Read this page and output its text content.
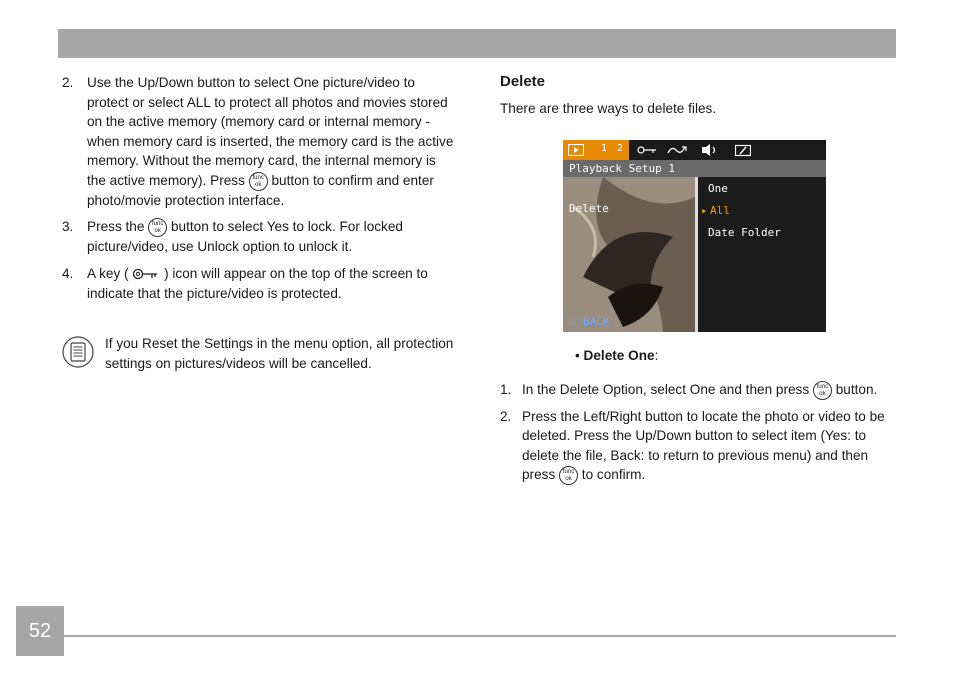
2. Use the Up/Down button to select One picture/video to protect or select ALL to protect all photos and movies stored on the active memory (memory card or internal memory - when memory card is inserted, the memory card is the active memory. Without the memory card, the internal memory is the active memory). Press func
ok button to confirm and enter photo/movie protection interface.
3. Press the func
ok button to select Yes to lock. For locked picture/video, use Unlock option to unlock it.
4. A key (  ) icon will appear on the top of the screen to indicate that the picture/video is protected.
If you Reset the Settings in the menu option, all protection settings on pictures/videos will be cancelled.
Delete
There are three ways to delete files.
1 2
Playback Setup 1
Delete
ⓒ BACK
One
▸ All
Date Folder
• Delete One:
1. In the Delete Option, select One and then press func
ok button.
2. Press the Left/Right button to locate the photo or video to be deleted. Press the Up/Down button to select item (Yes: to delete the file, Back: to return to previous menu) and then press func
ok to confirm.
52
